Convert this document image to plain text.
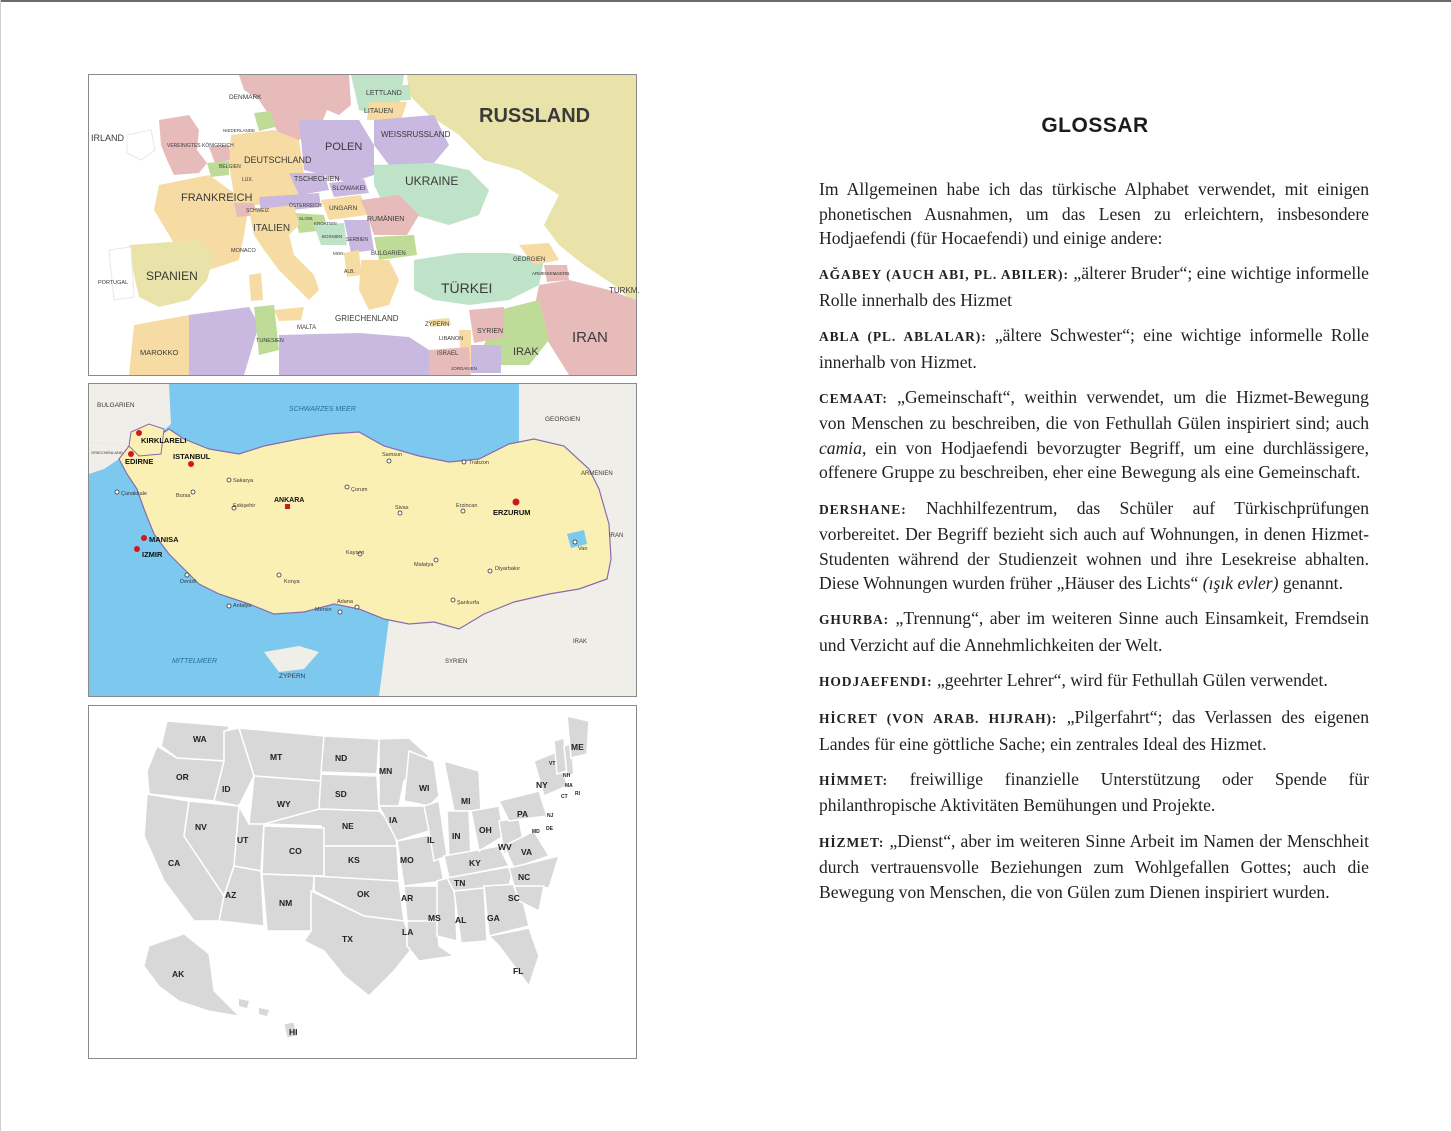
RUSSLAND
DENMARK
LETTLAND
LITAUEN
IRLAND
NIEDERLANDE
VEREINIGTES KÖNIGREICH	POLEN
WEISSRUSSLAND
DEUTSCHLAND
BELGIEN
LUX.	TSCHECHIEN
SLOWAKEI
UKRAINE
FRANKREICH
ÖSTERREICH UNGARN
SCHWEIZ
SLOW.
KROATIEN
RUMÄNIEN
ITALIEN
BOSNIEN
SERBIEN
BULGARIEN
MONACO	MON.
ALB.
GEORGIEN
SPANIEN
PORTUGAL	TÜRKEI	TURKM.
ARMENIEN
ASERB.
GRIECHENLAND
MALTA	ZYPERN
SYRIEN
TUNESIEN	LIBANON
ISRAEL	IRAK
IRAN
MAROKKO
JORDANIEN
BULGARIEN
GRIECHENLAND
SCHWARZES MEER
GEORGIEN
ARMENIEN
IRAN
IRAK
SYRIEN
MITTELMEER
ZYPERN
KIRKLARELI
EDIRNE
ISTANBUL
MANISA
IZMIR
ERZURUM
ANKARA
Samsun
Trabzon
Sakarya
Çanakkale	Bursa
Çorum
Eskişehir	Sivas	Erzincan
Kayseri
Malatya
Van
Denizli	Konya
Diyarbakır
Antalya
Mersin
Adana	Şanlıurfa
WA
OR
CA
ID
NV
MT
WY
UT
AZ
ND
SD
NE
CO
NM
KS
OK
TX
MN
IA
MO
AR
LA
WI
IL
MS
MI
IN
KY
TN
AL
OH
WV
GA
PA
VA
NC
SC
FL
NY
VT
NH
ME
MA
RI
CT
NJ
MD DE
AK
HI
GLOSSAR

Im Allgemeinen habe ich das türkische Alphabet verwendet, mit einigen phonetischen Ausnahmen, um das Lesen zu erleichtern, insbesondere Hodjaefendi (für Hocaefendi) und einige andere:

AĞABEY (AUCH ABI, PL. ABILER): „älterer Bruder“; eine wichtige informelle Rolle innerhalb des Hizmet

ABLA (PL. ABLALAR): „ältere Schwester“; eine wichtige informelle Rolle innerhalb von Hizmet.

CEMAAT: „Gemeinschaft“, weithin verwendet, um die Hizmet-Bewegung von Menschen zu beschreiben, die von Fethullah Gülen inspiriert sind; auch camia, ein von Hodjaefendi bevorzugter Begriff, um eine durchlässigere, offenere Gruppe zu beschreiben, eher eine Bewegung als eine Gemeinschaft.

DERSHANE: Nachhilfezentrum, das Schüler auf Türkischprüfungen vorbereitet. Der Begriff bezieht sich auch auf Wohnungen, in denen Hizmet-Studenten während der Studienzeit wohnen und ihre Lesekreise abhalten. Diese Wohnungen wurden früher „Häuser des Lichts“ (ışık evler) genannt.

GHURBA: „Trennung“, aber im weiteren Sinne auch Einsamkeit, Fremdsein und Verzicht auf die Annehmlichkeiten der Welt.

HODJAEFENDI: „geehrter Lehrer“, wird für Fethullah Gülen verwendet.

HİCRET (VON ARAB. HIJRAH): „Pilgerfahrt“; das Verlassen des eigenen Landes für eine göttliche Sache; ein zentrales Ideal des Hizmet.

HİMMET: freiwillige finanzielle Unterstützung oder Spende für philanthropische Aktivitäten Bemühungen und Projekte.

HİZMET: „Dienst“, aber im weiteren Sinne Arbeit im Namen der Menschheit durch vertrauensvolle Beziehungen zum Wohlgefallen Gottes; auch die Bewegung von Menschen, die von Gülen zum Dienen inspiriert wurden.
